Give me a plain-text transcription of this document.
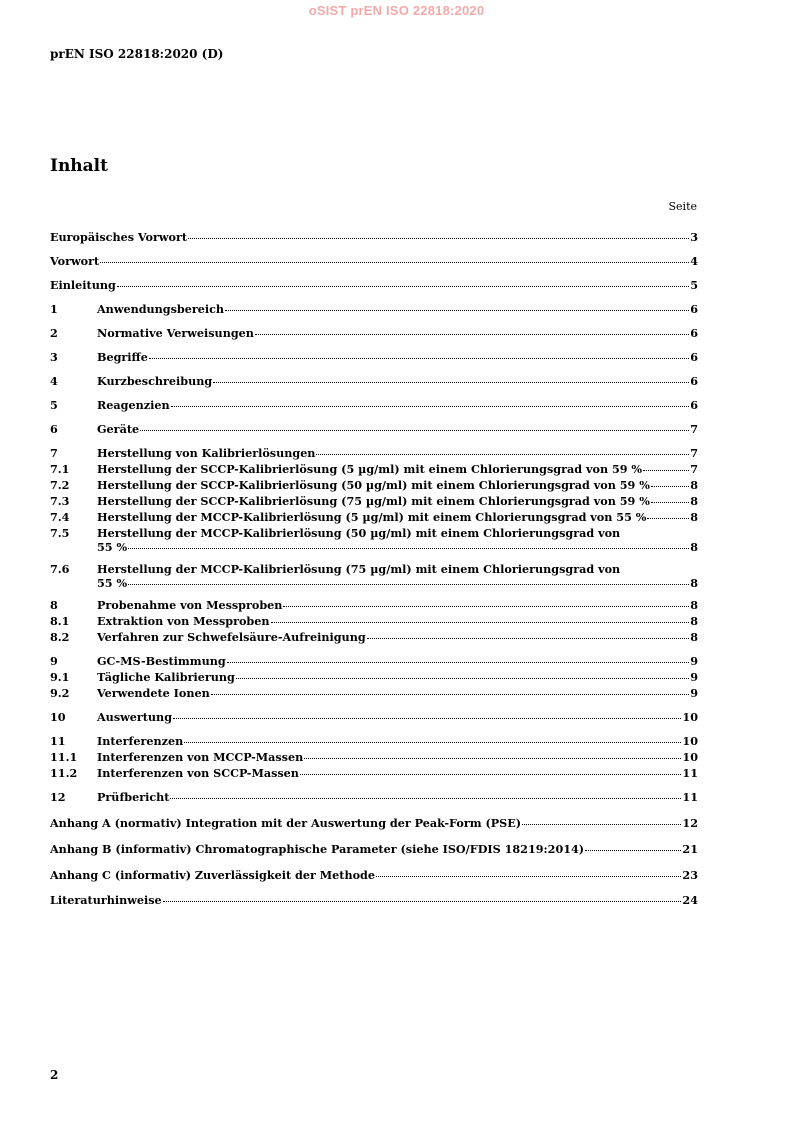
oSIST prEN ISO 22818:2020
prEN ISO 22818:2020 (D)
Inhalt
Seite
Europäisches Vorwort	3
Vorwort	4
Einleitung	5
1	Anwendungsbereich	6
2	Normative Verweisungen	6
3	Begriffe	6
4	Kurzbeschreibung	6
5	Reagenzien	6
6	Geräte	7
7	Herstellung von Kalibrierlösungen	7
7.1	Herstellung der SCCP-Kalibrierlösung (5 µg/ml) mit einem Chlorierungsgrad von 59 %	7
7.2	Herstellung der SCCP-Kalibrierlösung (50 µg/ml) mit einem Chlorierungsgrad von 59 %	8
7.3	Herstellung der SCCP-Kalibrierlösung (75 µg/ml) mit einem Chlorierungsgrad von 59 %	8
7.4	Herstellung der MCCP-Kalibrierlösung (5 µg/ml) mit einem Chlorierungsgrad von 55 %	8
7.5	Herstellung der MCCP-Kalibrierlösung (50 µg/ml) mit einem Chlorierungsgrad von
55 %	8
7.6	Herstellung der MCCP-Kalibrierlösung (75 µg/ml) mit einem Chlorierungsgrad von
55 %	8
8	Probenahme von Messproben	8
8.1	Extraktion von Messproben	8
8.2	Verfahren zur Schwefelsäure-Aufreinigung	8
9	GC-MS-Bestimmung	9
9.1	Tägliche Kalibrierung	9
9.2	Verwendete Ionen	9
10	Auswertung	10
11	Interferenzen	10
11.1	Interferenzen von MCCP-Massen	10
11.2	Interferenzen von SCCP-Massen	11
12	Prüfbericht	11
Anhang A (normativ) Integration mit der Auswertung der Peak-Form (PSE)	12
Anhang B (informativ) Chromatographische Parameter (siehe ISO/FDIS 18219:2014)	21
Anhang C (informativ) Zuverlässigkeit der Methode	23
Literaturhinweise	24
2
